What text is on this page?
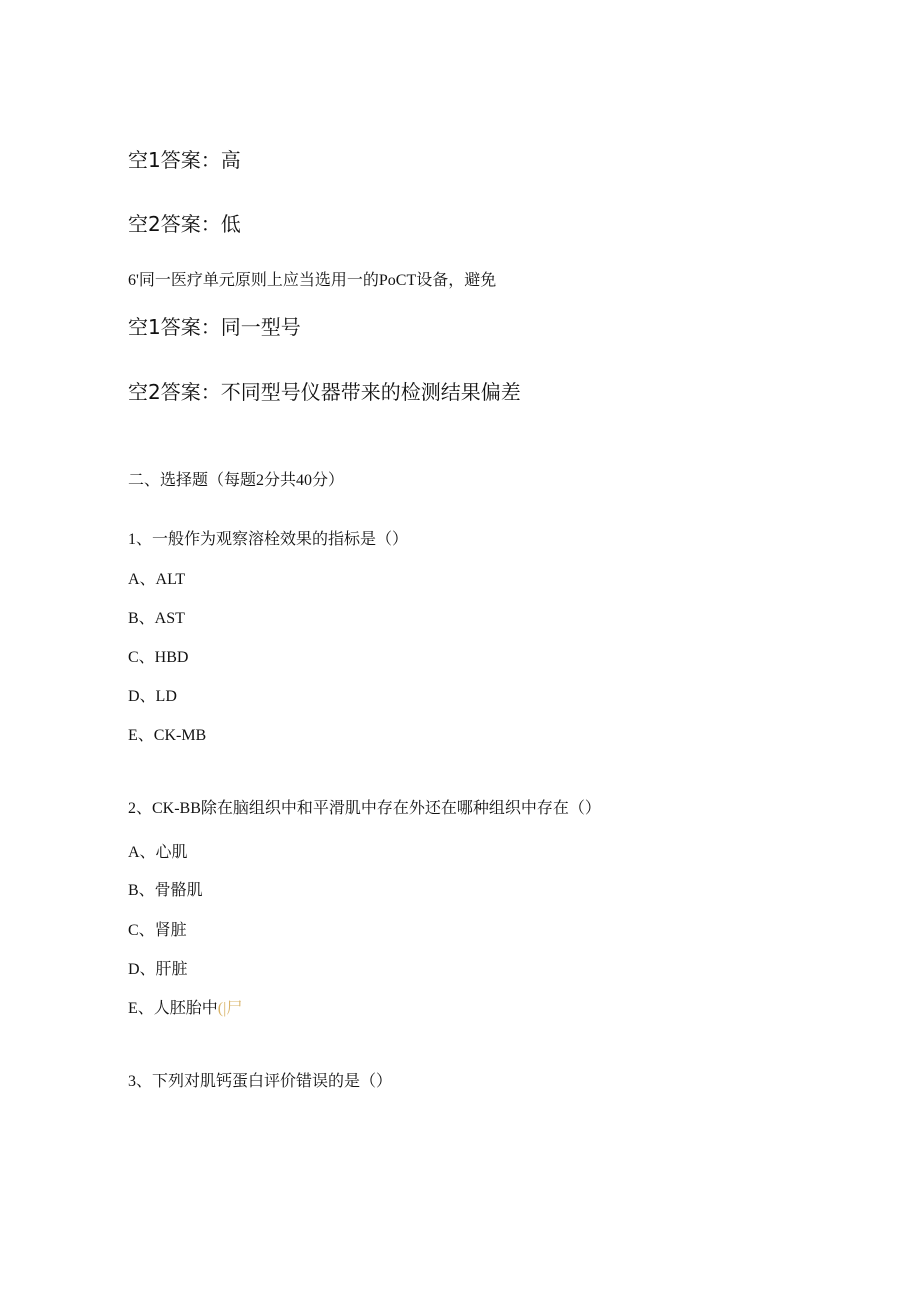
空1答案：高
空2答案：低
6'同一医疗单元原则上应当选用一的PoCT设备，避免
空1答案：同一型号
空2答案：不同型号仪器带来的检测结果偏差
二、选择题（每题2分共40分）
1、一般作为观察溶栓效果的指标是（）
A、ALT
B、AST
C、HBD
D、LD
E、CK-MB
2、CK-BB除在脑组织中和平滑肌中存在外还在哪种组织中存在（）
A、心肌
B、骨骼肌
C、肾脏
D、肝脏
E、人胚胎中(|尸
3、下列对肌钙蛋白评价错误的是（）
